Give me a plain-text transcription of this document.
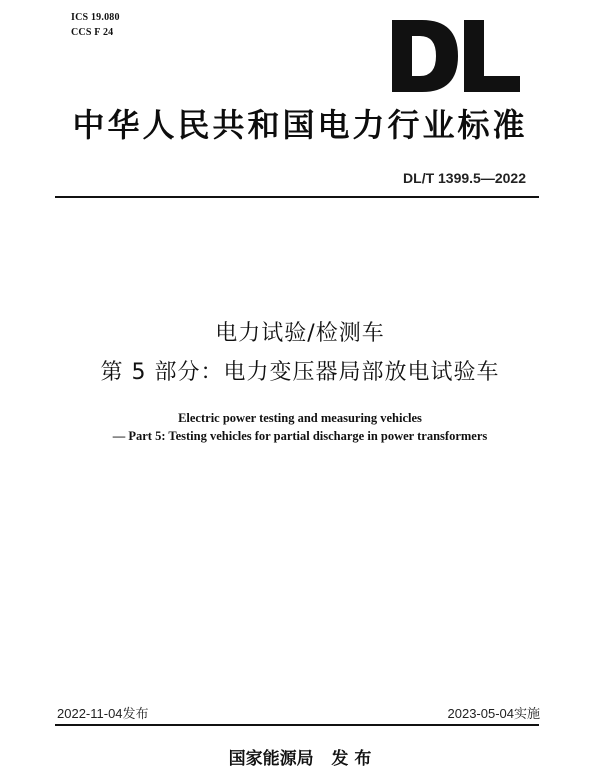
ICS 19.080
CCS F 24
中华人民共和国电力行业标准
DL/T 1399.5—2022
电力试验/检测车
第 5 部分：电力变压器局部放电试验车
Electric power testing and measuring vehicles
— Part 5: Testing vehicles for partial discharge in power transformers
2022-11-04发布	2023-05-04实施
国家能源局   发 布
